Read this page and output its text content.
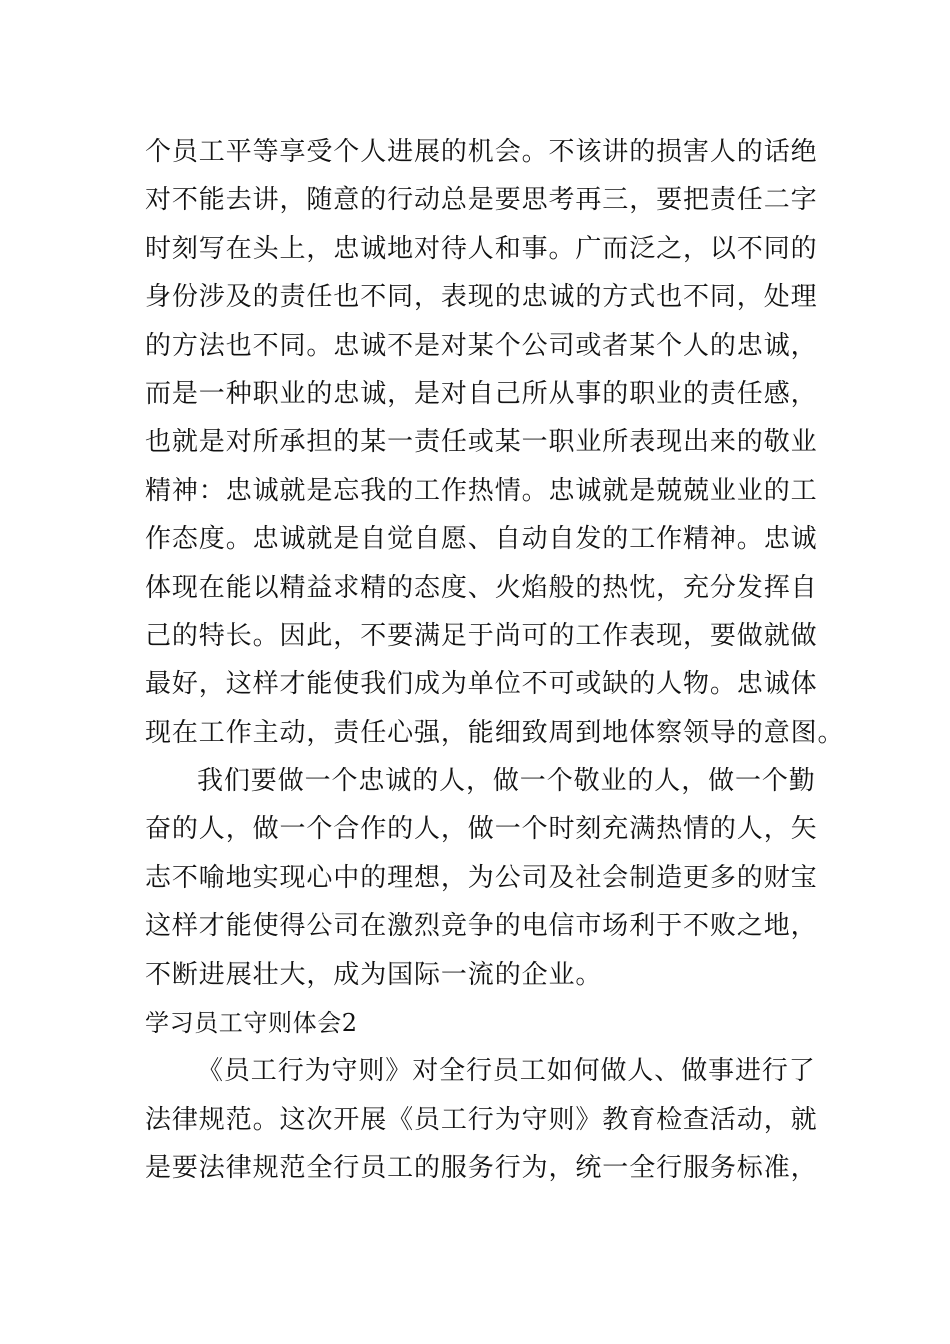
个员工平等享受个人进展的机会。不该讲的损害人的话绝
对不能去讲，随意的行动总是要思考再三，要把责任二字
时刻写在头上，忠诚地对待人和事。广而泛之，以不同的
身份涉及的责任也不同，表现的忠诚的方式也不同，处理
的方法也不同。忠诚不是对某个公司或者某个人的忠诚，
而是一种职业的忠诚，是对自己所从事的职业的责任感，
也就是对所承担的某一责任或某一职业所表现出来的敬业
精神：忠诚就是忘我的工作热情。忠诚就是兢兢业业的工
作态度。忠诚就是自觉自愿、自动自发的工作精神。忠诚
体现在能以精益求精的态度、火焰般的热忱，充分发挥自
己的特长。因此，不要满足于尚可的工作表现，要做就做
最好，这样才能使我们成为单位不可或缺的人物。忠诚体
现在工作主动，责任心强，能细致周到地体察领导的意图。
我们要做一个忠诚的人，做一个敬业的人，做一个勤
奋的人，做一个合作的人，做一个时刻充满热情的人，矢
志不喻地实现心中的理想，为公司及社会制造更多的财宝
这样才能使得公司在激烈竞争的电信市场利于不败之地，
不断进展壮大，成为国际一流的企业。
学习员工守则体会2
《员工行为守则》对全行员工如何做人、做事进行了
法律规范。这次开展《员工行为守则》教育检查活动，就
是要法律规范全行员工的服务行为，统一全行服务标准，
